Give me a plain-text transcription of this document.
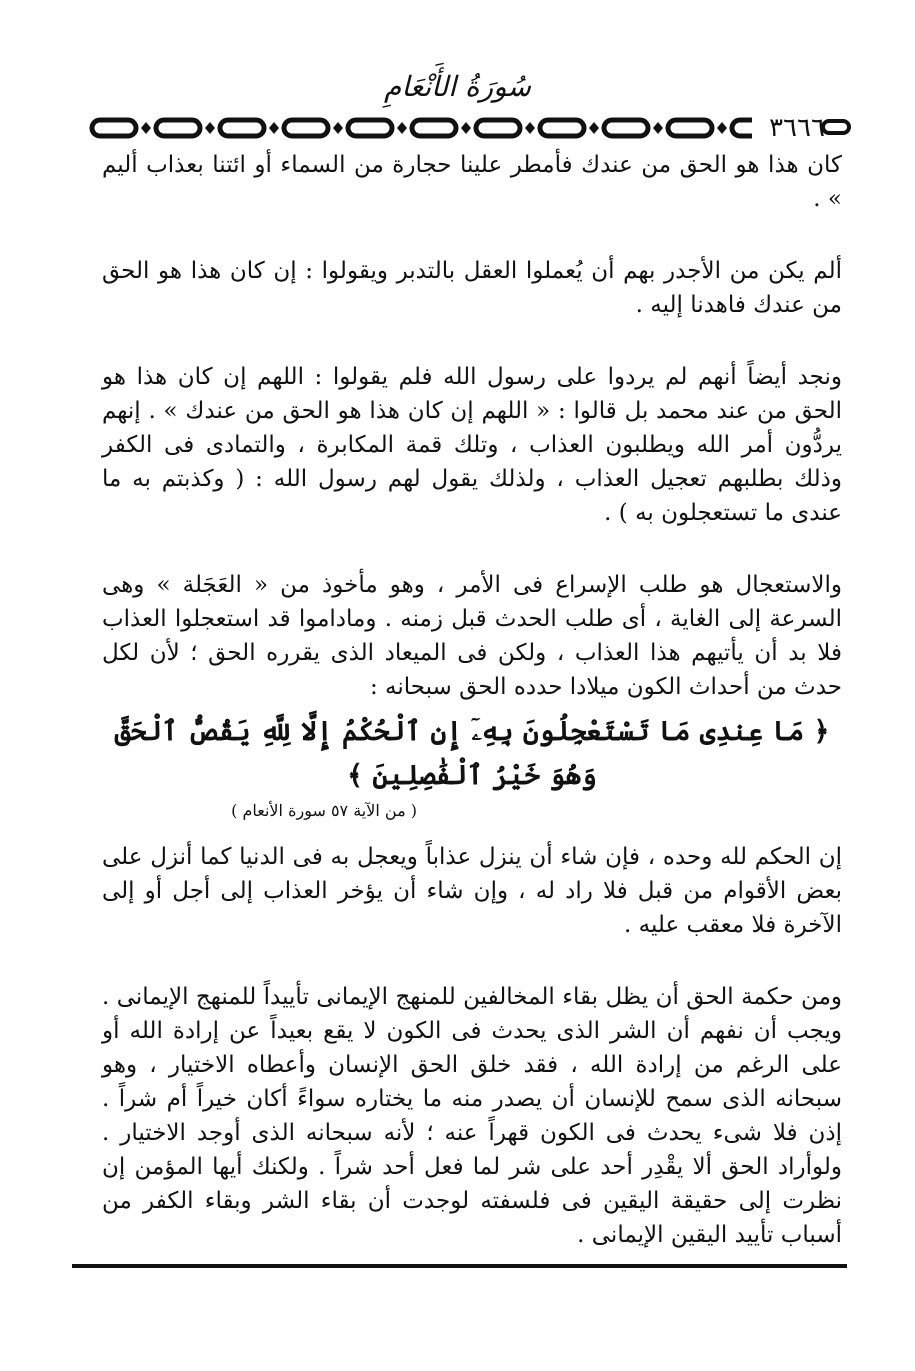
سُورَةُ الأَنْعَامِ
٣٦٦٦

كان هذا هو الحق من عندك فأمطر علينا حجارة من السماء أو ائتنا بعذاب أليم » .

ألم يكن من الأجدر بهم أن يُعملوا العقل بالتدبر ويقولوا : إن كان هذا هو الحق من عندك فاهدنا إليه .

ونجد أيضاً أنهم لم يردوا على رسول الله فلم يقولوا : اللهم إن كان هذا هو الحق من عند محمد بل قالوا : « اللهم إن كان هذا هو الحق من عندك » . إنهم يردُّون أمر الله ويطلبون العذاب ، وتلك قمة المكابرة ، والتمادى فى الكفر وذلك بطلبهم تعجيل العذاب ، ولذلك يقول لهم رسول الله : ( وكذبتم به ما عندى ما تستعجلون به ) .

والاستعجال هو طلب الإسراع فى الأمر ، وهو مأخوذ من « العَجَلة » وهى السرعة إلى الغاية ، أى طلب الحدث قبل زمنه . وماداموا قد استعجلوا العذاب فلا بد أن يأتيهم هذا العذاب ، ولكن فى الميعاد الذى يقرره الحق ؛ لأن لكل حدث من أحداث الكون ميلادا حدده الحق سبحانه :

﴿ مَا عِندِى مَا تَسْتَعْجِلُونَ بِهِۦٓ إِنِ ٱلْحُكْمُ إِلَّا لِلَّهِ يَقُصُّ ٱلْحَقَّ وَهُوَ خَيْرُ ٱلْفَٰصِلِينَ ﴾
( من الآية ٥٧ سورة الأنعام )

إن الحكم لله وحده ، فإن شاء أن ينزل عذاباً ويعجل به فى الدنيا كما أنزل على بعض الأقوام من قبل فلا راد له ، وإن شاء أن يؤخر العذاب إلى أجل أو إلى الآخرة فلا معقب عليه .

ومن حكمة الحق أن يظل بقاء المخالفين للمنهج الإيمانى تأييداً للمنهج الإيمانى . ويجب أن نفهم أن الشر الذى يحدث فى الكون لا يقع بعيداً عن إرادة الله أو على الرغم من إرادة الله ، فقد خلق الحق الإنسان وأعطاه الاختيار ، وهو سبحانه الذى سمح للإنسان أن يصدر منه ما يختاره سواءً أكان خيراً أم شراً . إذن فلا شىء يحدث فى الكون قهراً عنه ؛ لأنه سبحانه الذى أوجد الاختيار . ولوأراد الحق ألا يقْدِر أحد على شر لما فعل أحد شراً . ولكنك أيها المؤمن إن نظرت إلى حقيقة اليقين فى فلسفته لوجدت أن بقاء الشر وبقاء الكفر من أسباب تأييد اليقين الإيمانى .
